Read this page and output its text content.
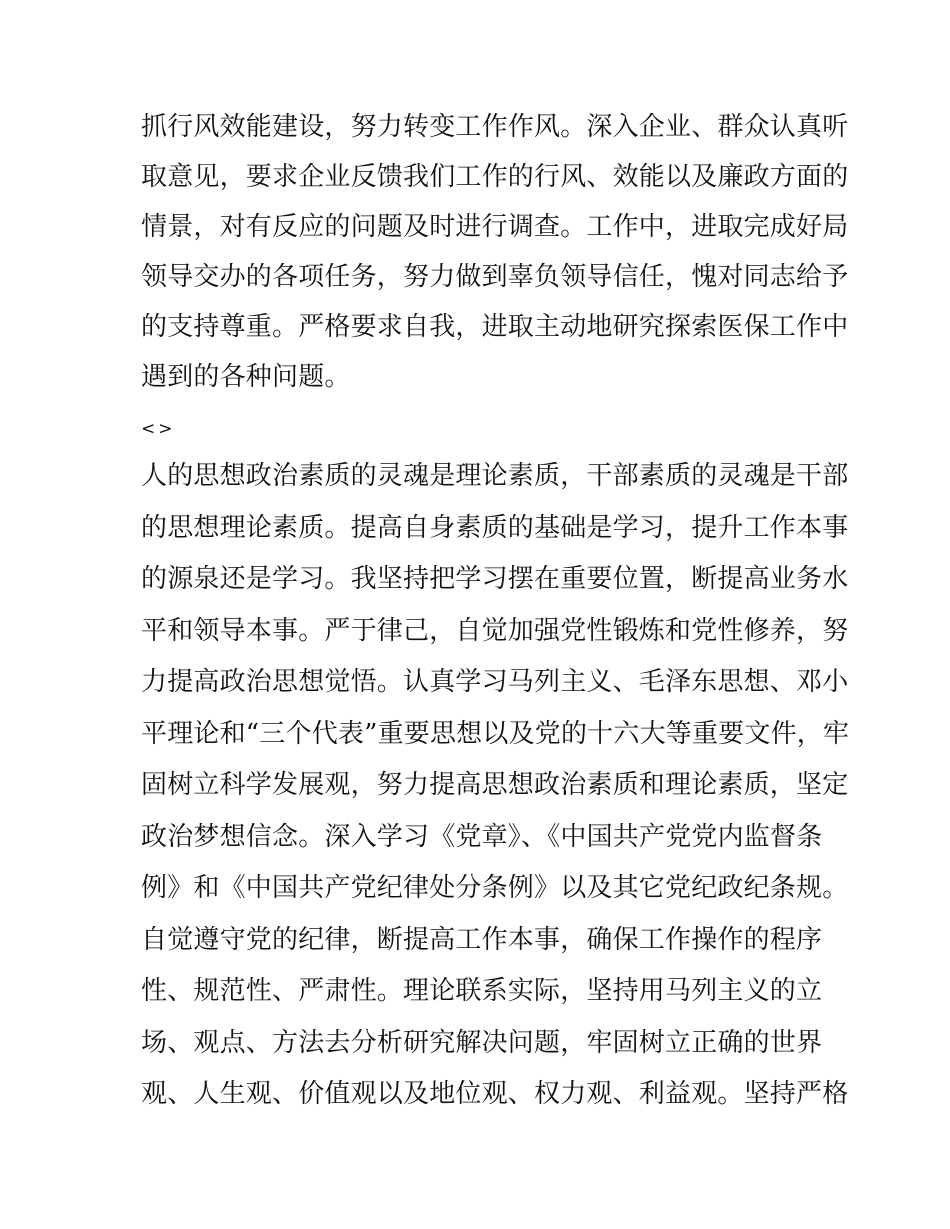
抓行风效能建设，努力转变工作作风。深入企业、群众认真听
取意见，要求企业反馈我们工作的行风、效能以及廉政方面的
情景，对有反应的问题及时进行调查。工作中，进取完成好局
领导交办的各项任务，努力做到辜负领导信任，愧对同志给予
的支持尊重。严格要求自我，进取主动地研究探索医保工作中
遇到的各种问题。
<>
人的思想政治素质的灵魂是理论素质，干部素质的灵魂是干部
的思想理论素质。提高自身素质的基础是学习，提升工作本事
的源泉还是学习。我坚持把学习摆在重要位置，断提高业务水
平和领导本事。严于律己，自觉加强党性锻炼和党性修养，努
力提高政治思想觉悟。认真学习马列主义、毛泽东思想、邓小
平理论和“三个代表”重要思想以及党的十六大等重要文件，牢
固树立科学发展观，努力提高思想政治素质和理论素质，坚定
政治梦想信念。深入学习《党章》、《中国共产党党内监督条
例》和《中国共产党纪律处分条例》以及其它党纪政纪条规。
自觉遵守党的纪律，断提高工作本事，确保工作操作的程序
性、规范性、严肃性。理论联系实际，坚持用马列主义的立
场、观点、方法去分析研究解决问题，牢固树立正确的世界
观、人生观、价值观以及地位观、权力观、利益观。坚持严格
